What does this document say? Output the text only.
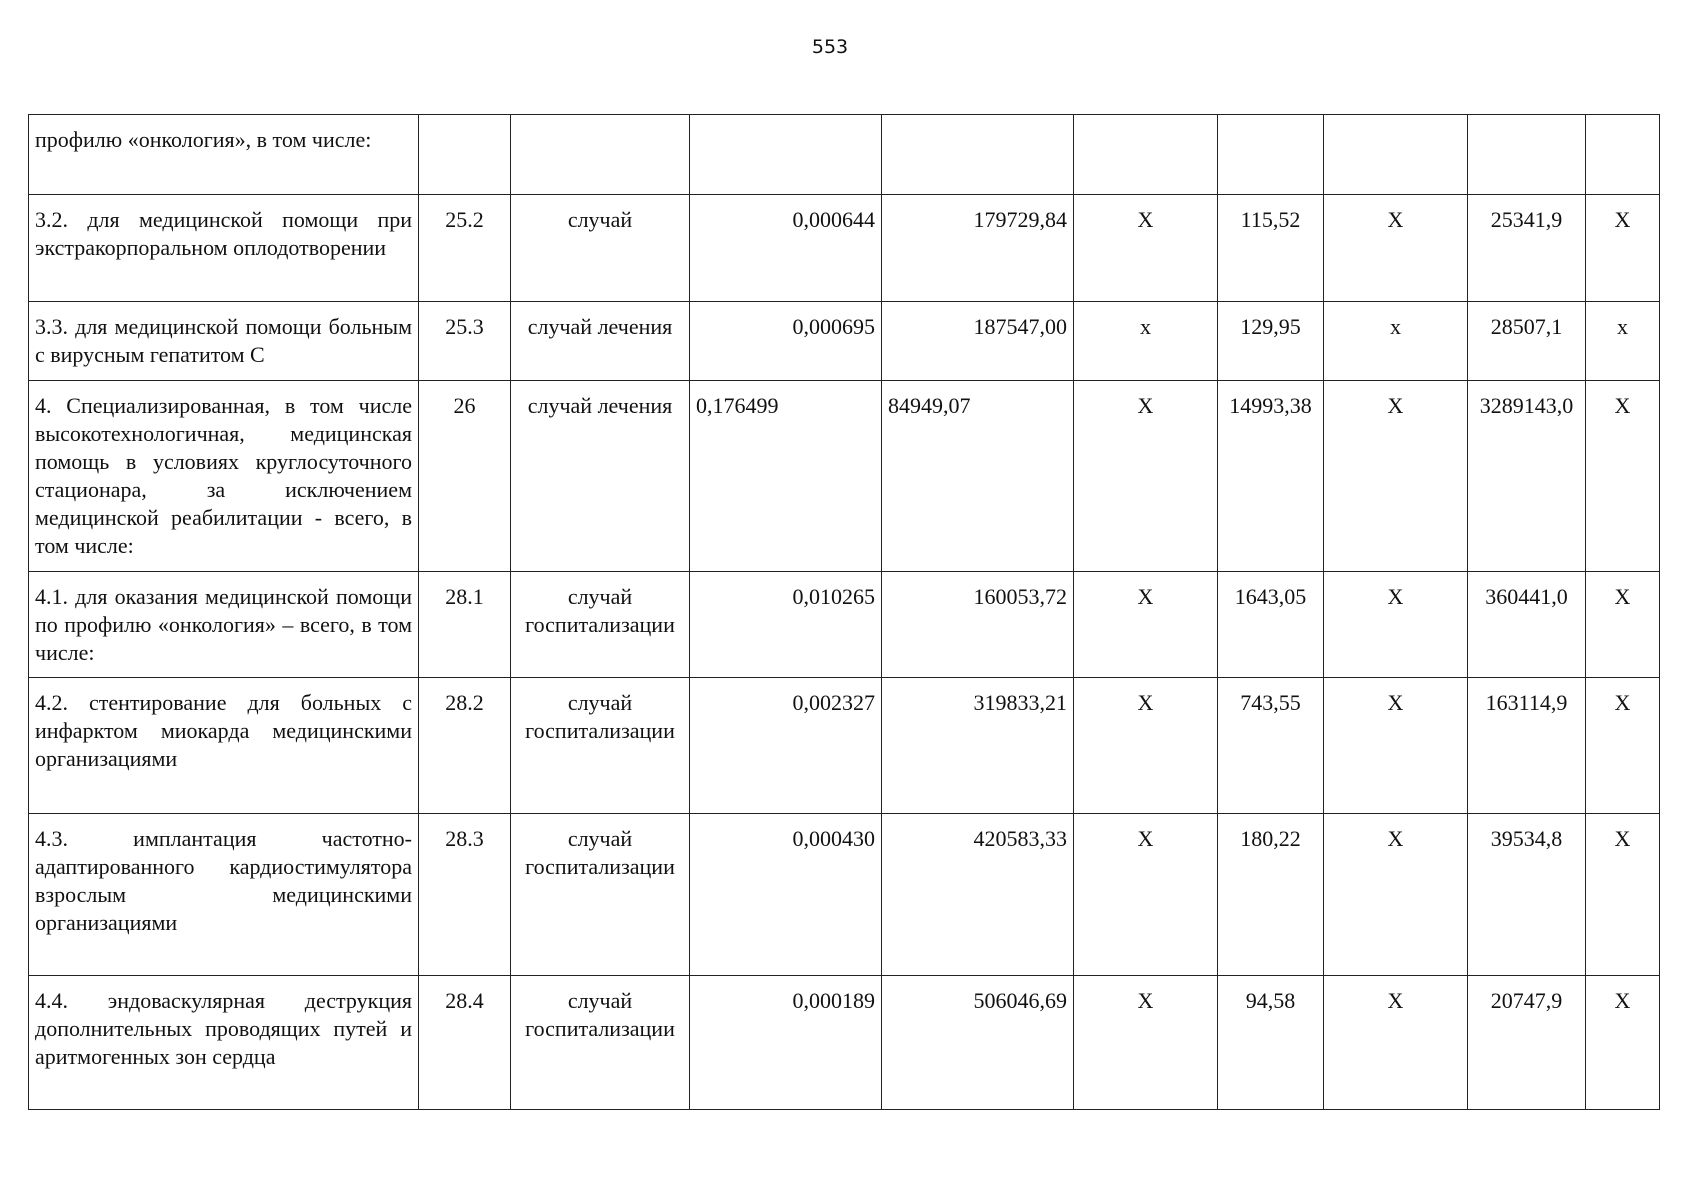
553
профилю «онкология», в том числе:									
3.2. для медицинской помощи при экстракорпоральном оплодотворении	25.2	случай	0,000644	179729,84	Х	115,52	Х	25341,9	Х
3.3. для медицинской помощи больным с вирусным гепатитом С	25.3	случай лечения	0,000695	187547,00	х	129,95	х	28507,1	х
4. Специализированная, в том числе высокотехнологичная, медицинская помощь в условиях круглосуточного стационара, за исключением медицинской реабилитации - всего, в том числе:	26	случай лечения	0,176499	84949,07	Х	14993,38	Х	3289143,0	Х
4.1. для оказания медицинской помощи по профилю «онкология» – всего, в том числе:	28.1	случай госпитализации	0,010265	160053,72	Х	1643,05	Х	360441,0	Х
4.2. стентирование для больных с инфарктом миокарда медицинскими организациями	28.2	случай госпитализации	0,002327	319833,21	Х	743,55	Х	163114,9	Х
4.3. имплантация частотно-адаптированного кардиостимулятора взрослым медицинскими организациями	28.3	случай госпитализации	0,000430	420583,33	Х	180,22	Х	39534,8	Х
4.4. эндоваскулярная деструкция дополнительных проводящих путей и аритмогенных зон сердца	28.4	случай госпитализации	0,000189	506046,69	Х	94,58	Х	20747,9	Х
